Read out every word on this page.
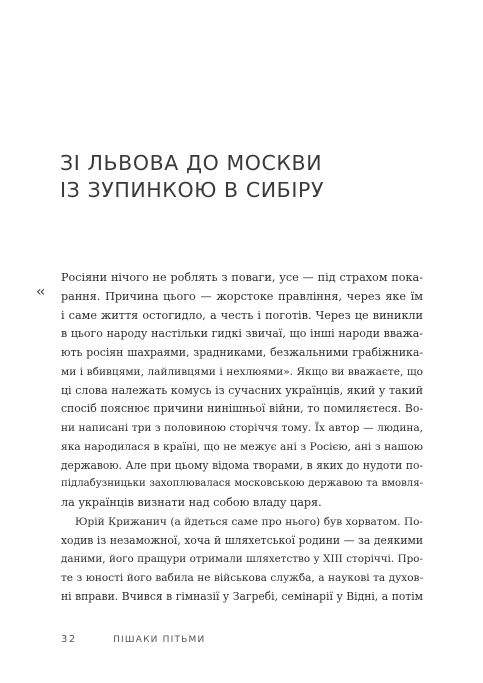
ЗІ ЛЬВОВА ДО МОСКВИ
ІЗ ЗУПИНКОЮ В СИБІРУ
‹‹
Росіяни нічого не роблять з поваги, усе — під страхом пока-
рання. Причина цього — жорстоке правління, через яке їм
і саме життя остогидло, а честь і поготів. Через це виникли
в цього народу настільки гидкі звичаї, що інші народи вважа-
ють росіян шахраями, зрадниками, безжальними грабіжника-
ми і вбивцями, лайливцями і нехлюями». Якщо ви вважаєте, що
ці слова належать комусь із сучасних українців, який у такий
спосіб пояснює причини нинішньої війни, то помиляєтеся. Во-
ни написані три з половиною сторіччя тому. Їх автор — людина,
яка народилася в країні, що не межує ані з Росією, ані з нашою
державою. Але при цьому відома творами, в яких до нудоти по-
підлабузницьки захоплювалася московською державою та вмовля-
ла українців визнати над собою владу царя.
Юрій Крижанич (а йдеться саме про нього) був хорватом. По-
ходив із незаможної, хоча й шляхетської родини — за деякими
даними, його пращури отримали шляхетство у XIII сторіччі. Про-
те з юності його вабила не військова служба, а наукові та духов-
ні вправи. Вчився в гімназії у Загребі, семінарії у Відні, а потім
32	ПІШАКИ ПІТЬМИ
